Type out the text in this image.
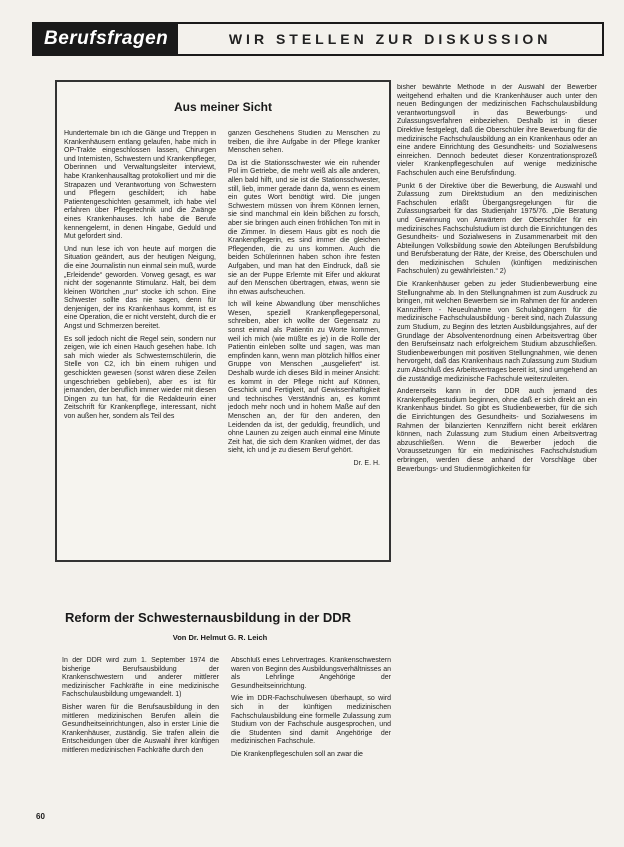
Berufsfragen	WIR STELLEN ZUR DISKUSSION
Aus meiner Sicht

Hundertemale bin ich die Gänge und Treppen in Krankenhäusern entlang gelaufen, habe mich in OP-Trakte eingeschlossen lassen, Chirurgen und Internisten, Schwestern und Krankenpfleger, Oberinnen und Verwaltungsleiter interviewt, habe Krankenhausalltag protokolliert und mir die Strapazen und Verantwortung von Schwestern und Pflegern geschildert; ich habe Patientengeschichten gesammelt, ich habe viel erfahren über Pflegetechnik und die Zwänge eines Krankenhauses. Ich habe die Berufe kennengelernt, in denen Hingabe, Geduld und Mut gefordert sind.

Und nun lese ich von heute auf morgen die Situation geändert, aus der heutigen Neigung, die eine Journalistin nun einmal sein muß, wurde „Erleidende“ geworden. Vorweg gesagt, es war nicht der sogenannte Stimulanz. Halt, bei dem kleinen Wörtchen „nur“ stocke ich schon. Eine Schwester sollte das nie sagen, denn für denjenigen, der ins Krankenhaus kommt, ist es eine Operation, die er nicht versteht, durch die er Angst und Schmerzen bereitet.

Es soll jedoch nicht die Regel sein, sondern nur zeigen, wie ich einen Hauch gesehen habe. Ich sah mich wieder als Schwesternschülerin, die Stelle von C2, ich bin einem ruhigen und geschickten gewesen (sonst wären diese Zeilen ungeschrieben geblieben), aber es ist für jemanden, der beruflich immer wieder mit diesen Dingen zu tun hat, für die Redakteurin einer Zeitschrift für Krankenpflege, interessant, nicht von außen her, sondern als Teil des

ganzen Geschehens Studien zu Menschen zu treiben, die ihre Aufgabe in der Pflege kranker Menschen sehen.

Da ist die Stationsschwester wie ein ruhender Pol im Getriebe, die mehr weiß als alle anderen, allen bald hilft, und sie ist die Stationsschwester, still, lieb, immer gerade dann da, wenn es einem ein gutes Wort benötigt wird. Die jungen Schwestern müssen von ihrem Können lernen, sie sind manchmal ein klein bißchen zu forsch, aber sie bringen auch einen fröhlichen Ton mit in die Zimmer. In diesem Haus gibt es noch die Krankenpflegerin, es sind immer die gleichen Pflegenden, die zu uns kommen. Auch die beiden Schülerinnen haben schon ihre festen Aufgaben, und man hat den Eindruck, daß sie sie an der Puppe Erlernte mit Eifer und akkurat auf den Menschen übertragen, etwas, wenn sie ihn etwas aufscheuchen.

Ich will keine Abwandlung über menschliches Wesen, speziell Krankenpflegepersonal, schreiben, aber ich wollte der Gegensatz zu sonst einmal als Patientin zu Worte kommen, weil ich mich (wie müßte es je) in die Rolle der Patientin einleben sollte und sagen, was man empfinden kann, wenn man plötzlich hilflos einer Gruppe von Menschen „ausgeliefert“ ist. Deshalb wurde ich dieses Bild in meiner Ansicht: es kommt in der Pflege nicht auf Können, Geschick und Fertigkeit, auf Gewissenhaftigkeit und technisches Verständnis an, es kommt jedoch mehr noch und in hohem Maße auf den Menschen an, der für den anderen, den Leidenden da ist, der geduldig, freundlich, und ohne Launen zu zeigen auch einmal eine Minute Zeit hat, die sich dem Kranken widmet, der das sieht, ich und je zu diesem Beruf gehört.

Dr. E. H.

bisher bewährte Methode in der Auswahl der Bewerber weitgehend erhalten und die Krankenhäuser auch unter den neuen Bedingungen der medizinischen Fachschulausbildung verantwortungsvoll in das Bewerbungs- und Zulassungsverfahren einbeziehen. Deshalb ist in dieser Direktive festgelegt, daß die Oberschüler ihre Bewerbung für die medizinische Fachschulausbildung an ein Krankenhaus oder an eine andere Einrichtung des Gesundheits- und Sozialwesens einreichen. Dennoch bedeutet dieser Konzentrationsprozeß vieler Krankenpflegeschulen auf wenige medizinische Fachschulen auch eine Berufsfindung.

Punkt 6 der Direktive über die Bewerbung, die Auswahl und Zulassung zum Direktstudium an den medizinischen Fachschulen erläßt Übergangsregelungen für die Zulassungsarbeit für das Studienjahr 1975/76. „Die Beratung und Gewinnung von Anwärtern der Oberschüler für ein medizinisches Fachschulstudium ist durch die Einrichtungen des Gesundheits- und Sozialwesens in Zusammenarbeit mit den Abteilungen Volksbildung sowie den Abteilungen Berufsbildung und Berufsberatung der Räte, der Kreise, des Oberschulen und den medizinischen Schulen (künftigen medizinischen Fachschulen) zu gewährleisten.“ 2)

Die Krankenhäuser geben zu jeder Studienbewerbung eine Stellungnahme ab. In den Stellungnahmen ist zum Ausdruck zu bringen, mit welchen Bewerbern sie im Rahmen der für anderen Kannziffern - Neueulnahme von Schulabgängern für die medizinische Fachschulausbildung - bereit sind, nach Zulassung zum Studium, zu Beginn des letzten Ausbildungsjahres, auf der Grundlage der Absolventenordnung einen Arbeitsvertrag über den Berufseinsatz nach erfolgreichem Studium abzuschließen. Studienbewerbungen mit positiven Stellungnahmen, wie denen hervorgeht, daß das Krankenhaus nach Zulassung zum Studium zum Abschluß des Arbeitsvertrages bereit ist, sind umgehend an die zuständige medizinische Fachschule weiterzuleiten.

Andererseits kann in der DDR auch jemand des Krankenpflegestudium beginnen, ohne daß er sich direkt an ein Krankenhaus bindet. So gibt es Studienbewerber, für die sich die Einrichtungen des Gesundheits- und Sozialwesens im Rahmen der bilanzierten Kennziffern nicht bereit erklären können, nach Zulassung zum Studium einen Arbeitsvertrag abzuschließen. Wenn die Bewerber jedoch die Voraussetzungen für ein medizinisches Fachschulstudium erbringen, werden diese anhand der Vorschläge über Bewerbungs- und Studienmöglichkeiten für

Reform der Schwesternausbildung in der DDR
Von Dr. Helmut G. R. Leich

In der DDR wird zum 1. September 1974 die bisherige Berufsausbildung der Krankenschwestern und anderer mittlerer medizinischer Fachkräfte in eine medizinische Fachschulausbildung umgewandelt. 1)

Bisher waren für die Berufsausbildung in den mittleren medizinischen Berufen allein die Gesundheitseinrichtungen, also in erster Linie die Krankenhäuser, zuständig. Sie trafen allein die Entscheidungen über die Auswahl ihrer künftigen mittleren medizinischen Fachkräfte durch den

Abschluß eines Lehrvertrages. Krankenschwestern waren von Beginn des Ausbildungsverhältnisses an als Lehrlinge Angehörige der Gesundheitseinrichtung.

Wie im DDR-Fachschulwesen überhaupt, so wird sich in der künftigen medizinischen Fachschulausbildung eine formelle Zulassung zum Studium von der Fachschule ausgesprochen, und die Studenten sind damit Angehörige der medizinischen Fachschule.

Die Krankenpflegeschulen soll an zwar die

60
